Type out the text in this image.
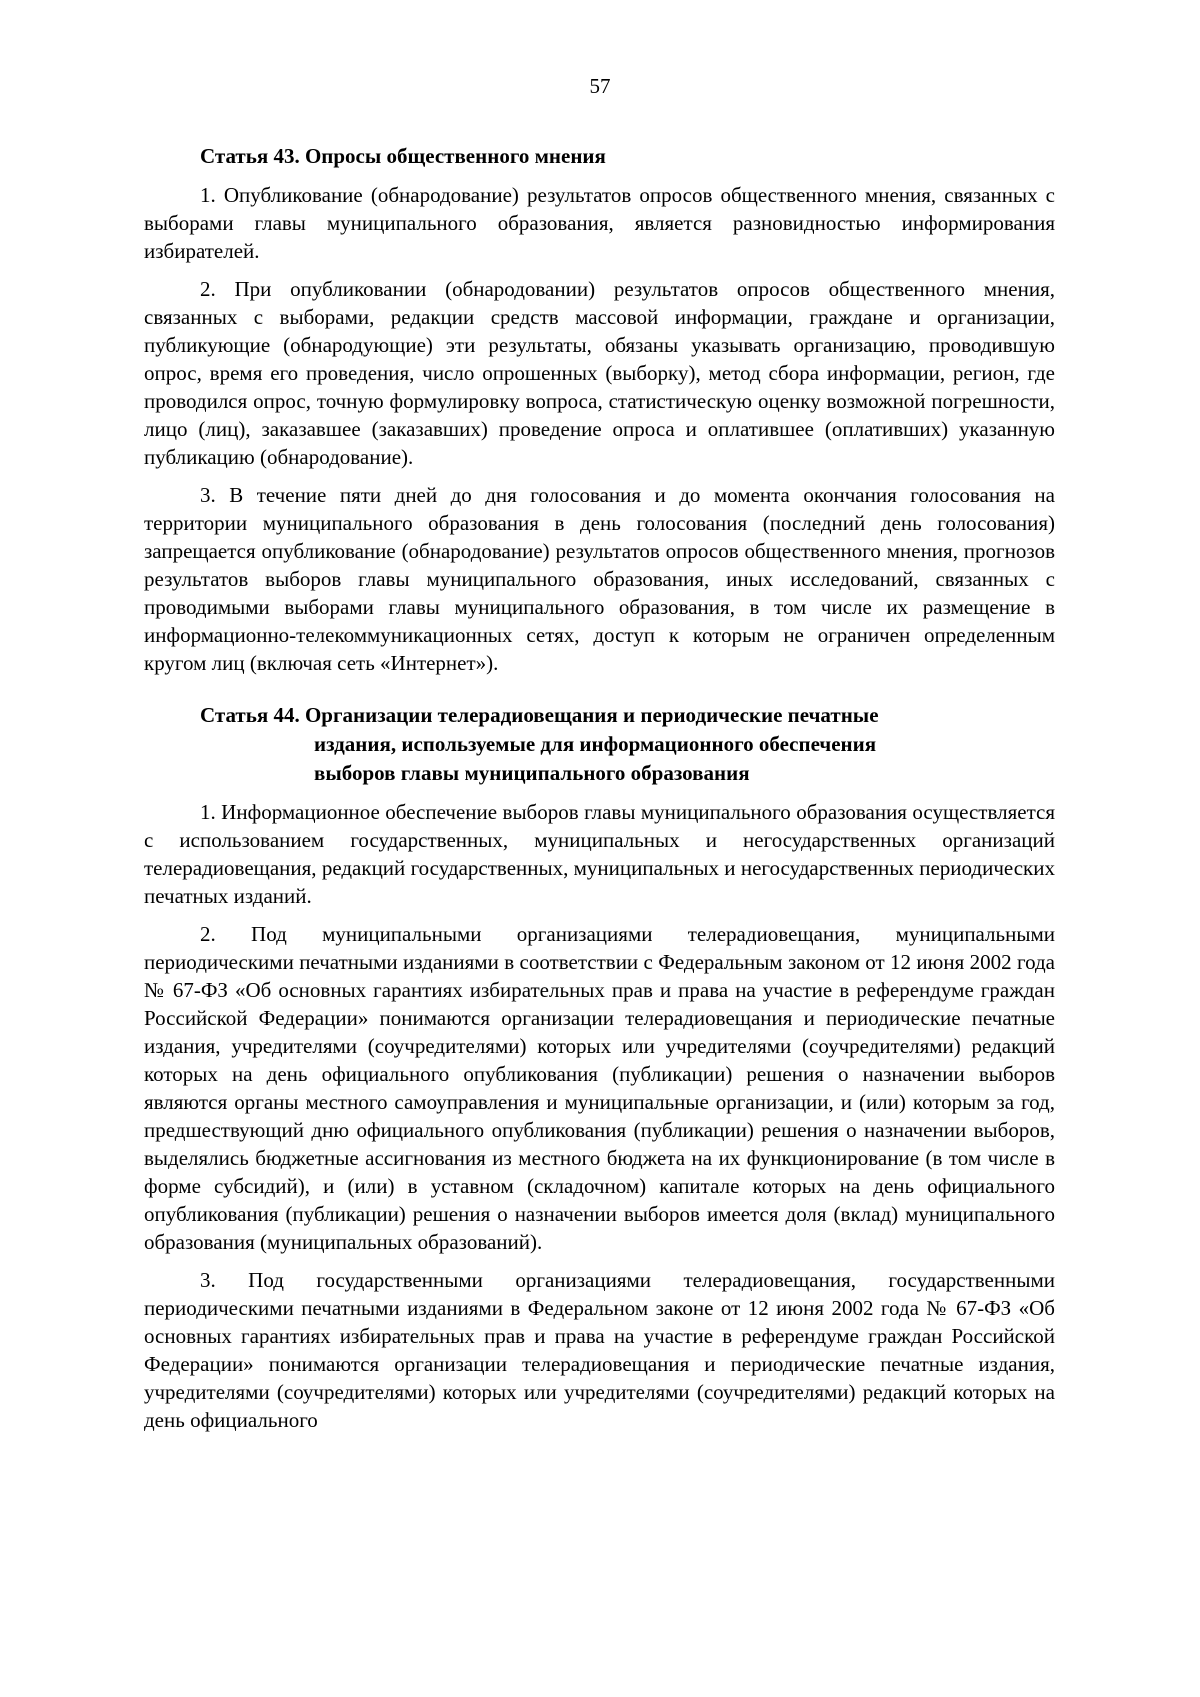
57
Статья 43. Опросы общественного мнения

1. Опубликование (обнародование) результатов опросов общественного мнения, связанных с выборами главы муниципального образования, является разновидностью информирования избирателей.

2. При опубликовании (обнародовании) результатов опросов общественного мнения, связанных с выборами, редакции средств массовой информации, граждане и организации, публикующие (обнародующие) эти результаты, обязаны указывать организацию, проводившую опрос, время его проведения, число опрошенных (выборку), метод сбора информации, регион, где проводился опрос, точную формулировку вопроса, статистическую оценку возможной погрешности, лицо (лиц), заказавшее (заказавших) проведение опроса и оплатившее (оплативших) указанную публикацию (обнародование).

3. В течение пяти дней до дня голосования и до момента окончания голосования на территории муниципального образования в день голосования (последний день голосования) запрещается опубликование (обнародование) результатов опросов общественного мнения, прогнозов результатов выборов главы муниципального образования, иных исследований, связанных с проводимыми выборами главы муниципального образования, в том числе их размещение в информационно-телекоммуникационных сетях, доступ к которым не ограничен определенным кругом лиц (включая сеть «Интернет»).

Статья 44. Организации телерадиовещания и периодические печатные
издания, используемые для информационного обеспечения
выборов главы муниципального образования

1. Информационное обеспечение выборов главы муниципального образования осуществляется с использованием государственных, муниципальных и негосударственных организаций телерадиовещания, редакций государственных, муниципальных и негосударственных периодических печатных изданий.

2. Под муниципальными организациями телерадиовещания, муниципальными периодическими печатными изданиями в соответствии с Федеральным законом от 12 июня 2002 года № 67-ФЗ «Об основных гарантиях избирательных прав и права на участие в референдуме граждан Российской Федерации» понимаются организации телерадиовещания и периодические печатные издания, учредителями (соучредителями) которых или учредителями (соучредителями) редакций которых на день официального опубликования (публикации) решения о назначении выборов являются органы местного самоуправления и муниципальные организации, и (или) которым за год, предшествующий дню официального опубликования (публикации) решения о назначении выборов, выделялись бюджетные ассигнования из местного бюджета на их функционирование (в том числе в форме субсидий), и (или) в уставном (складочном) капитале которых на день официального опубликования (публикации) решения о назначении выборов имеется доля (вклад) муниципального образования (муниципальных образований).

3. Под государственными организациями телерадиовещания, государственными периодическими печатными изданиями в Федеральном законе от 12 июня 2002 года № 67-ФЗ «Об основных гарантиях избирательных прав и права на участие в референдуме граждан Российской Федерации» понимаются организации телерадиовещания и периодические печатные издания, учредителями (соучредителями) которых или учредителями (соучредителями) редакций которых на день официального
